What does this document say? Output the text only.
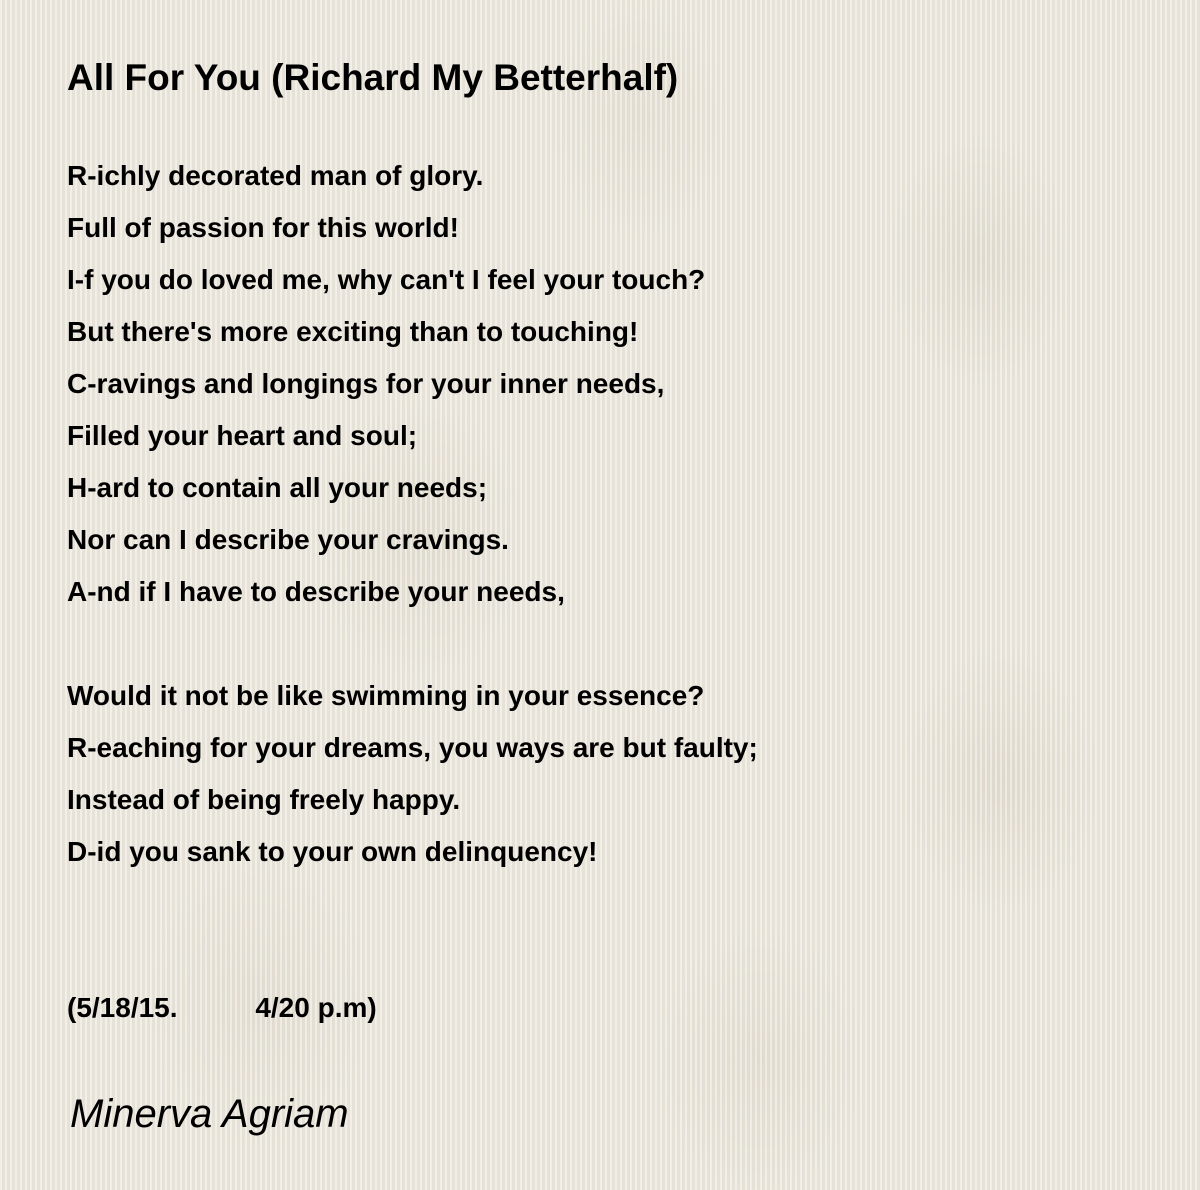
All For You (Richard My Betterhalf)
R-ichly decorated man of glory.
Full of passion for this world!
I-f you do loved me, why can't I feel your touch?
But there's more exciting than to touching!
C-ravings and longings for your inner needs,
Filled your heart and soul;
H-ard to contain all your needs;
Nor can I describe your cravings.
A-nd if I have to describe your needs,
Would it not be like swimming in your essence?
R-eaching for your dreams, you ways are but faulty;
Instead of being freely happy.
D-id you sank to your own delinquency!

(5/18/15.          4/20 p.m)

Minerva Agriam
